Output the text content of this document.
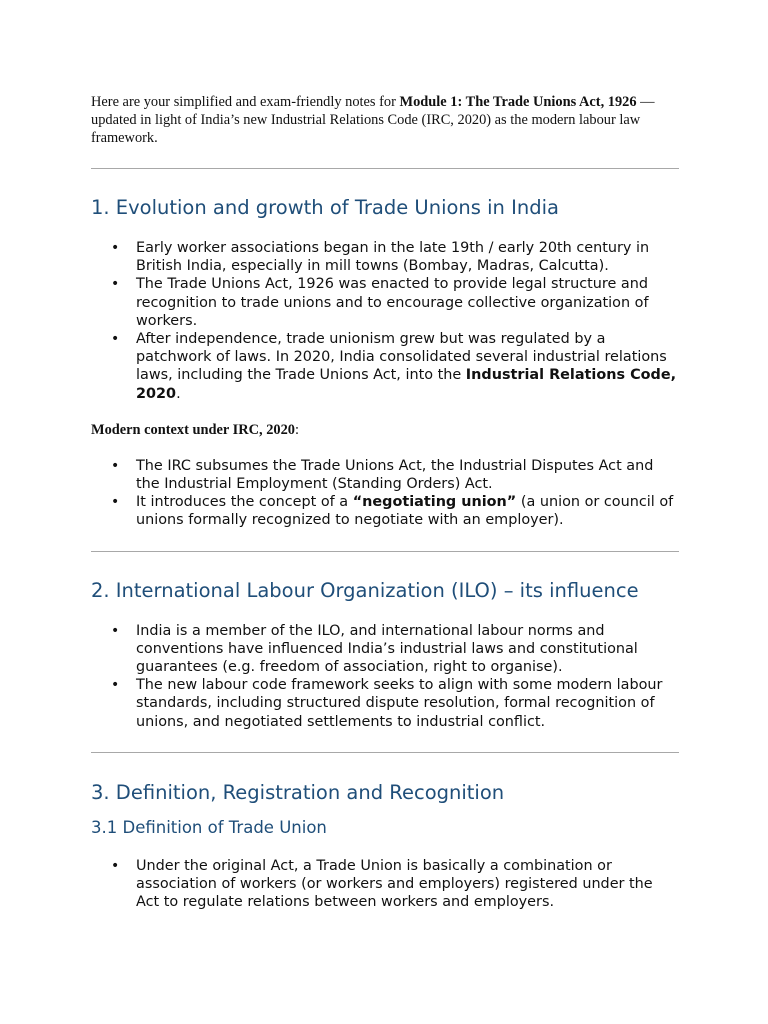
Here are your simplified and exam-friendly notes for Module 1: The Trade Unions Act, 1926 — updated in light of India’s new Industrial Relations Code (IRC, 2020) as the modern labour law framework.

1. Evolution and growth of Trade Unions in India
• Early worker associations began in the late 19th / early 20th century in British India, especially in mill towns (Bombay, Madras, Calcutta).
• The Trade Unions Act, 1926 was enacted to provide legal structure and recognition to trade unions and to encourage collective organization of workers.
• After independence, trade unionism grew but was regulated by a patchwork of laws. In 2020, India consolidated several industrial relations laws, including the Trade Unions Act, into the Industrial Relations Code, 2020.

Modern context under IRC, 2020:

• The IRC subsumes the Trade Unions Act, the Industrial Disputes Act and the Industrial Employment (Standing Orders) Act.
• It introduces the concept of a “negotiating union” (a union or council of unions formally recognized to negotiate with an employer).
2. International Labour Organization (ILO) – its influence
• India is a member of the ILO, and international labour norms and conventions have influenced India’s industrial laws and constitutional guarantees (e.g. freedom of association, right to organise).
• The new labour code framework seeks to align with some modern labour standards, including structured dispute resolution, formal recognition of unions, and negotiated settlements to industrial conflict.
3. Definition, Registration and Recognition
3.1 Definition of Trade Union
• Under the original Act, a Trade Union is basically a combination or association of workers (or workers and employers) registered under the Act to regulate relations between workers and employers.
